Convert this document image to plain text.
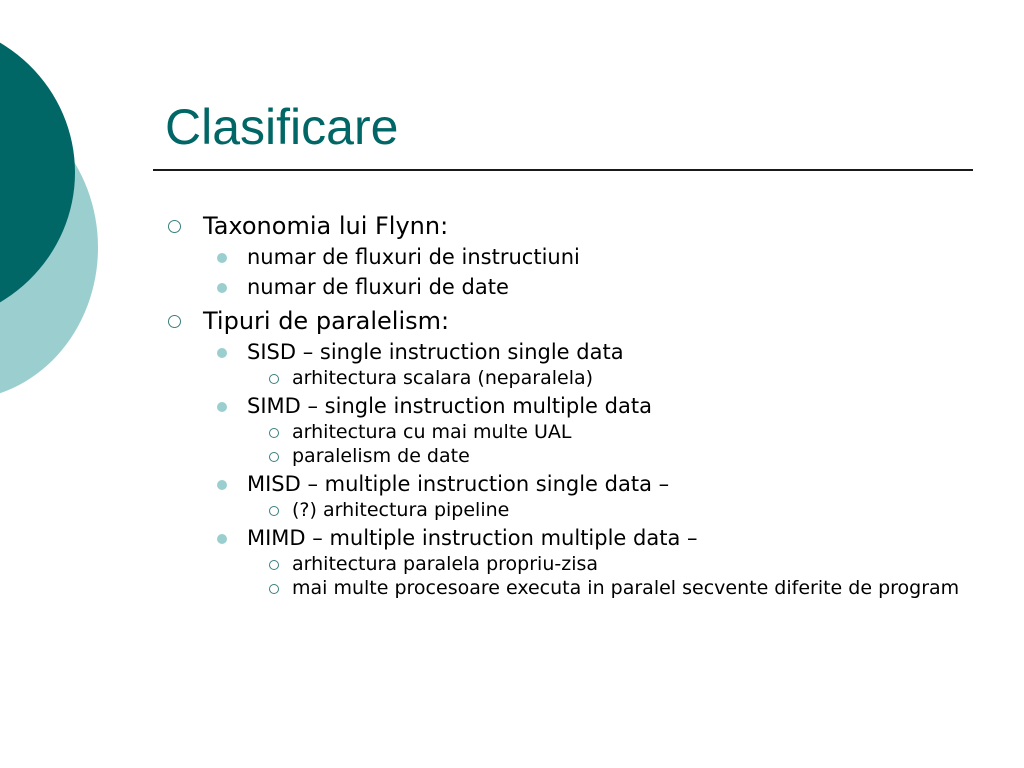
Clasificare
Taxonomia lui Flynn:
numar de fluxuri de instructiuni
numar de fluxuri de date
Tipuri de paralelism:
SISD – single instruction single data
arhitectura scalara (neparalela)
SIMD – single instruction multiple data
arhitectura cu mai multe UAL
paralelism de date
MISD – multiple instruction single data –
(?) arhitectura pipeline
MIMD – multiple instruction multiple data –
arhitectura paralela propriu-zisa
mai multe procesoare executa in paralel secvente diferite de program
